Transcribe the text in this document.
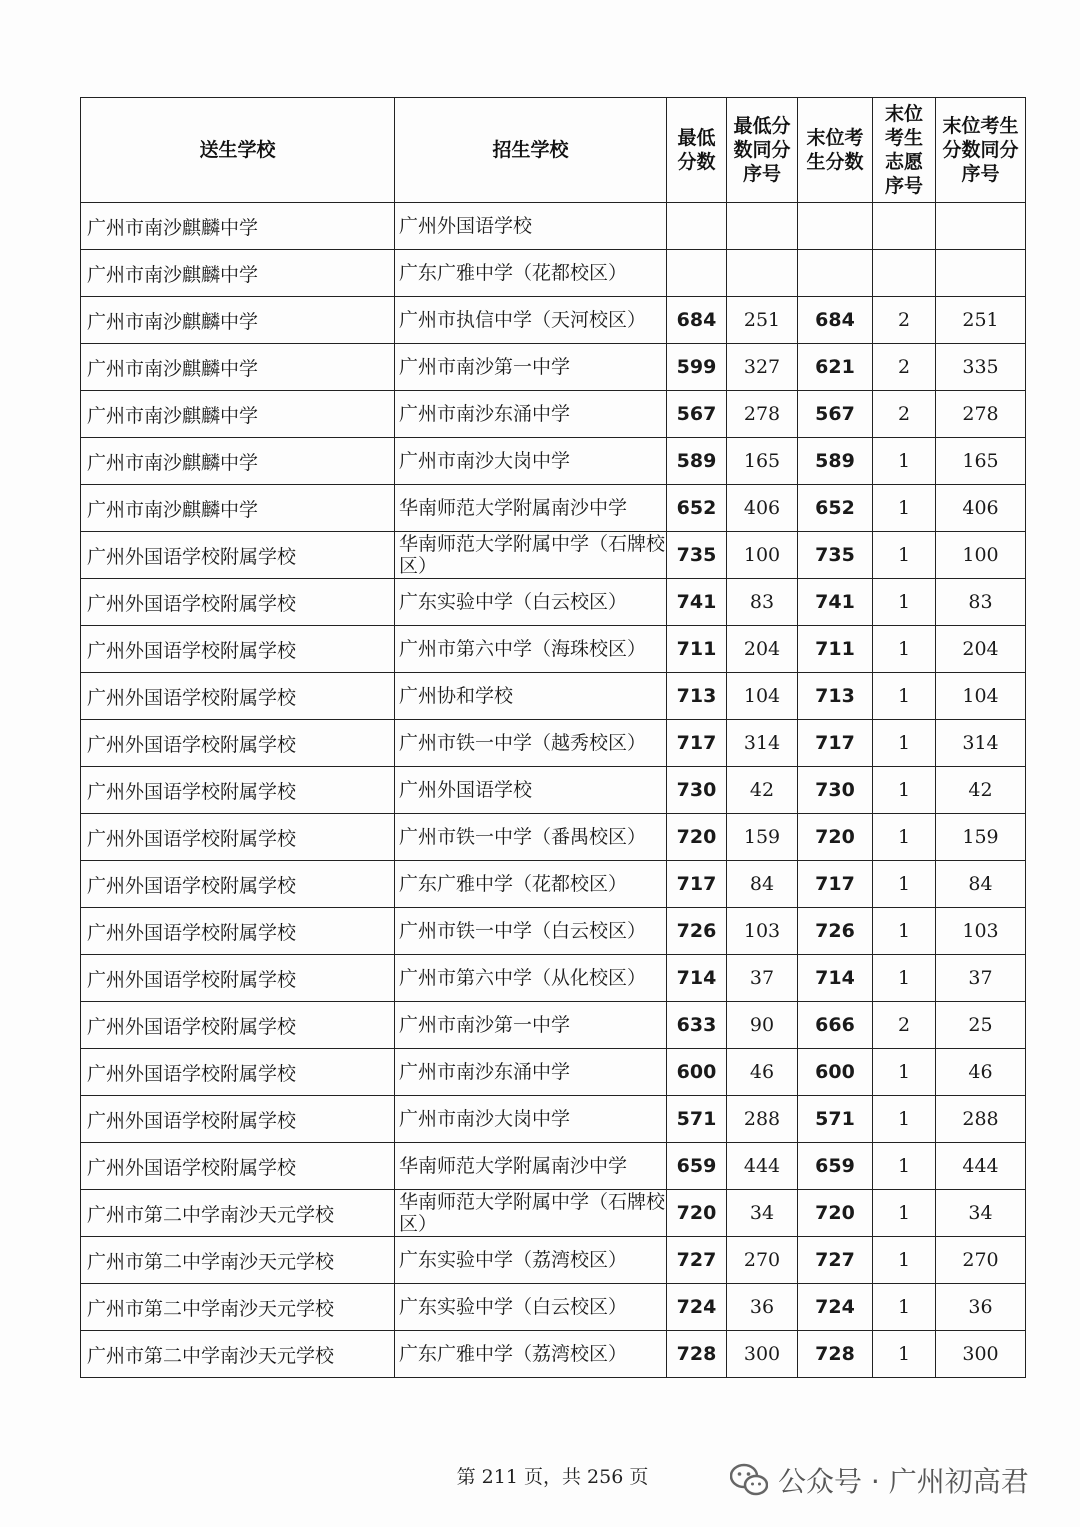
送生学校	招生学校	最低分数	最低分数同分序号	末位考生分数	末位考生志愿序号	末位考生分数同分序号
广州市南沙麒麟中学	广州外国语学校					
广州市南沙麒麟中学	广东广雅中学（花都校区）					
广州市南沙麒麟中学	广州市执信中学（天河校区）	684	251	684	2	251
广州市南沙麒麟中学	广州市南沙第一中学	599	327	621	2	335
广州市南沙麒麟中学	广州市南沙东涌中学	567	278	567	2	278
广州市南沙麒麟中学	广州市南沙大岗中学	589	165	589	1	165
广州市南沙麒麟中学	华南师范大学附属南沙中学	652	406	652	1	406
广州外国语学校附属学校	华南师范大学附属中学（石牌校区）	735	100	735	1	100
广州外国语学校附属学校	广东实验中学（白云校区）	741	83	741	1	83
广州外国语学校附属学校	广州市第六中学（海珠校区）	711	204	711	1	204
广州外国语学校附属学校	广州协和学校	713	104	713	1	104
广州外国语学校附属学校	广州市铁一中学（越秀校区）	717	314	717	1	314
广州外国语学校附属学校	广州外国语学校	730	42	730	1	42
广州外国语学校附属学校	广州市铁一中学（番禺校区）	720	159	720	1	159
广州外国语学校附属学校	广东广雅中学（花都校区）	717	84	717	1	84
广州外国语学校附属学校	广州市铁一中学（白云校区）	726	103	726	1	103
广州外国语学校附属学校	广州市第六中学（从化校区）	714	37	714	1	37
广州外国语学校附属学校	广州市南沙第一中学	633	90	666	2	25
广州外国语学校附属学校	广州市南沙东涌中学	600	46	600	1	46
广州外国语学校附属学校	广州市南沙大岗中学	571	288	571	1	288
广州外国语学校附属学校	华南师范大学附属南沙中学	659	444	659	1	444
广州市第二中学南沙天元学校	华南师范大学附属中学（石牌校区）	720	34	720	1	34
广州市第二中学南沙天元学校	广东实验中学（荔湾校区）	727	270	727	1	270
广州市第二中学南沙天元学校	广东实验中学（白云校区）	724	36	724	1	36
广州市第二中学南沙天元学校	广东广雅中学（荔湾校区）	728	300	728	1	300
第 211 页，共 256 页	公众号 · 广州初高君
